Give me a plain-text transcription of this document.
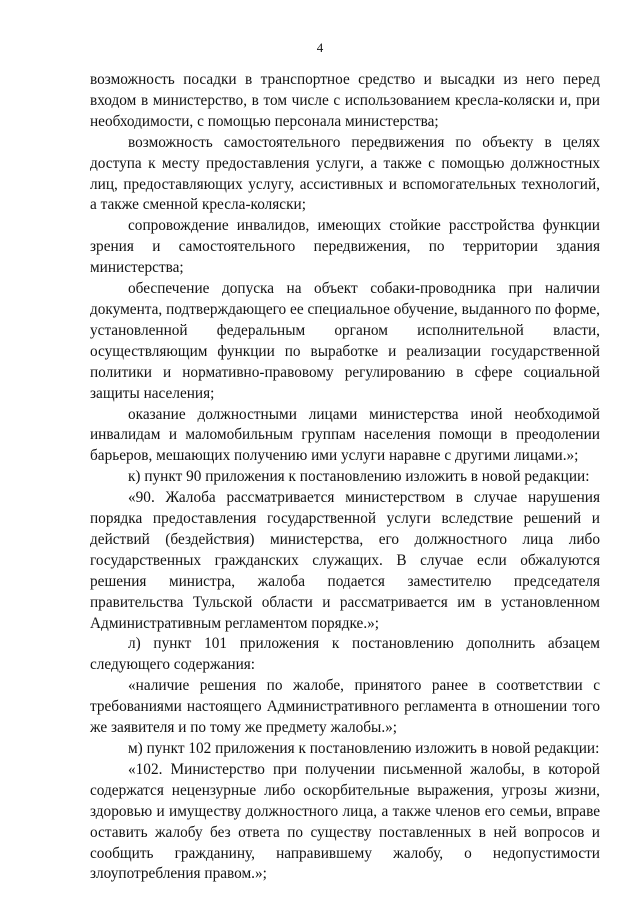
4

возможность посадки в транспортное средство и высадки из него перед входом в министерство, в том числе с использованием кресла-коляски и, при необходимости, с помощью персонала министерства;

возможность самостоятельного передвижения по объекту в целях доступа к месту предоставления услуги, а также с помощью должностных лиц, предоставляющих услугу, ассистивных и вспомогательных технологий, а также сменной кресла-коляски;

сопровождение инвалидов, имеющих стойкие расстройства функции зрения и самостоятельного передвижения, по территории здания министерства;

обеспечение допуска на объект собаки-проводника при наличии документа, подтверждающего ее специальное обучение, выданного по форме, установленной федеральным органом исполнительной власти, осуществляющим функции по выработке и реализации государственной политики и нормативно-правовому регулированию в сфере социальной защиты населения;

оказание должностными лицами министерства иной необходимой инвалидам и маломобильным группам населения помощи в преодолении барьеров, мешающих получению ими услуги наравне с другими лицами.»;

к) пункт 90 приложения к постановлению изложить в новой редакции:

«90. Жалоба рассматривается министерством в случае нарушения порядка предоставления государственной услуги вследствие решений и действий (бездействия) министерства, его должностного лица либо государственных гражданских служащих. В случае если обжалуются решения министра, жалоба подается заместителю председателя правительства Тульской области и рассматривается им в установленном Административным регламентом порядке.»;

л) пункт 101 приложения к постановлению дополнить абзацем следующего содержания:

«наличие решения по жалобе, принятого ранее в соответствии с требованиями настоящего Административного регламента в отношении того же заявителя и по тому же предмету жалобы.»;

м) пункт 102 приложения к постановлению изложить в новой редакции:

«102. Министерство при получении письменной жалобы, в которой содержатся нецензурные либо оскорбительные выражения, угрозы жизни, здоровью и имуществу должностного лица, а также членов его семьи, вправе оставить жалобу без ответа по существу поставленных в ней вопросов и сообщить гражданину, направившему жалобу, о недопустимости злоупотребления правом.»;
